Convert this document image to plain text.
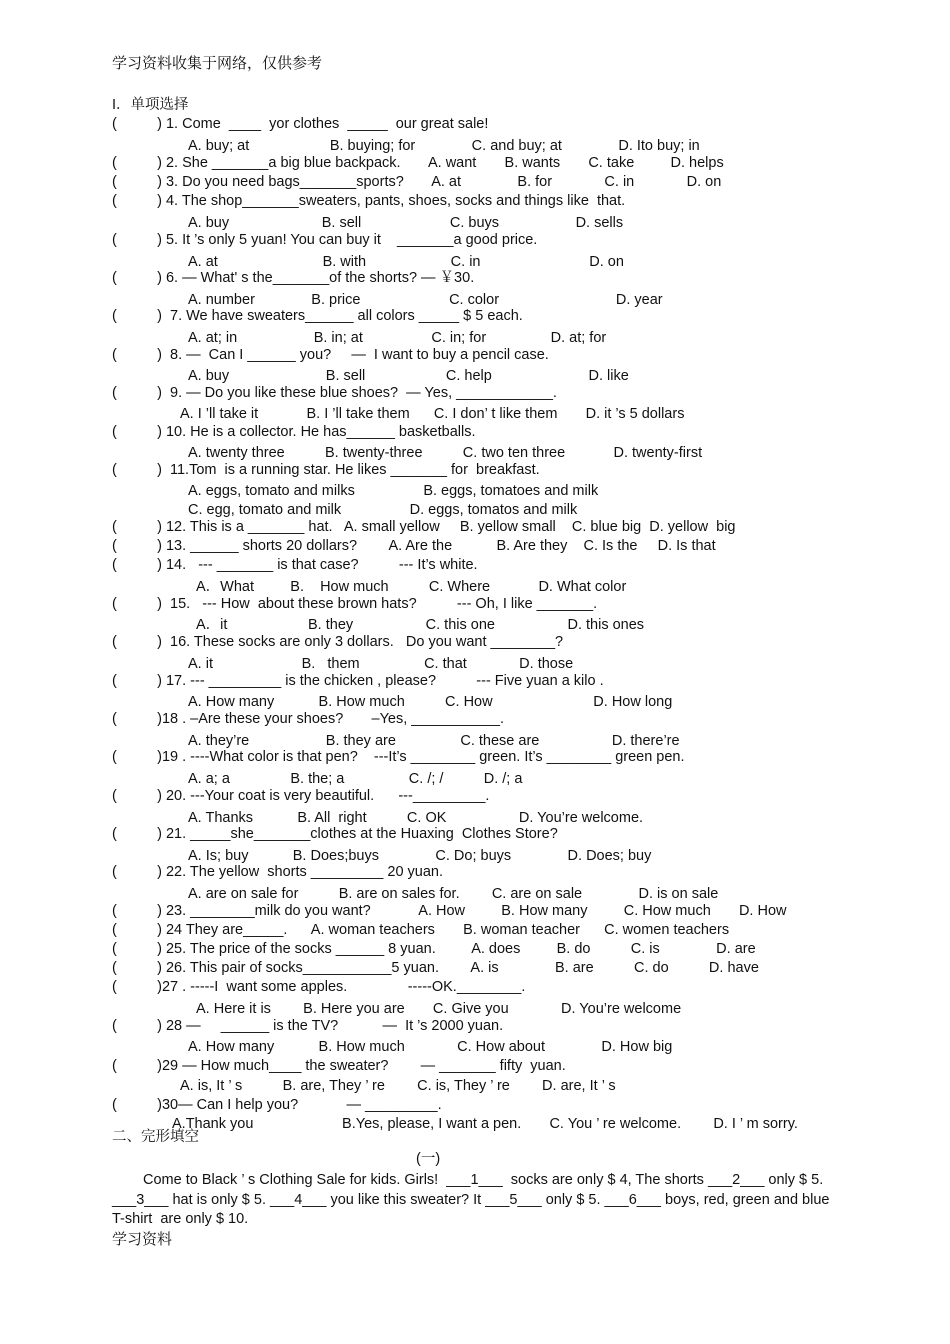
学习资料收集于网络，仅供参考
I．单项选择
(          ) 1. Come  ____  yor clothes  _____  our great sale!
A. buy; at                    B. buying; for              C. and buy; at              D. Ito buy; in
(          ) 2. She _______a big blue backpack.       A. want       B. wants       C. take         D. helps
(          ) 3. Do you need bags_______sports?       A. at              B. for             C. in             D. on
(          ) 4. The shop_______sweaters, pants, shoes, socks and things like  that.
A. buy                       B. sell                      C. buys                   D. sells
(          ) 5. It ’s only 5 yuan! You can buy it    _______a good price.
A. at                          B. with                     C. in                           D. on
(          ) 6. — What' s the_______of the shorts? — ￥30.
A. number              B. price                      C. color                             D. year
(          )  7. We have sweaters______ all colors _____ $ 5 each.
A. at; in                   B. in; at                 C. in; for                D. at; for
(          )  8. —  Can I ______ you?     —  I want to buy a pencil case.
A. buy                        B. sell                    C. help                        D. like
(          )  9. — Do you like these blue shoes?  — Yes, ____________.
A. I ’ll take it            B. I ’ll take them      C. I don’ t like them       D. it ’s 5 dollars
(          ) 10. He is a collector. He has______ basketballs.
A. twenty three          B. twenty-three          C. two ten three            D. twenty-first
(          )  11.Tom  is a running star. He likes _______ for  breakfast.
A. eggs, tomato and milks                 B. eggs, tomatoes and milk
C. egg, tomato and milk                 D. eggs, tomatos and milk
(          ) 12. This is a _______ hat.   A. small yellow     B. yellow small    C. blue big  D. yellow  big
(          ) 13. ______ shorts 20 dollars?        A. Are the           B. Are they    C. Is the     D. Is that
(          ) 14.   --- _______ is that case?          --- It’s white.
A．What         B.    How much          C. Where            D. What color
(          )  15.   --- How  about these brown hats?          --- Oh, I like _______.
A．it                    B. they                  C. this one                  D. this ones
(          )  16. These socks are only 3 dollars.   Do you want ________?
A. it                      B.   them                C. that             D. those
(          ) 17. --- _________ is the chicken , please?          --- Five yuan a kilo .
A. How many           B. How much          C. How                         D. How long
(          )18 . –Are these your shoes?       –Yes, ___________.
A. they’re                   B. they are                C. these are                  D. there’re
(          )19 . ----What color is that pen?    ---It’s ________ green. It’s ________ green pen.
A. a; a               B. the; a                C. /; /          D. /; a
(          ) 20. ---Your coat is very beautiful.      ---_________.
A. Thanks           B. All  right          C. OK                  D. You’re welcome.
(          ) 21. _____she_______clothes at the Huaxing  Clothes Store?
A. Is; buy           B. Does;buys              C. Do; buys              D. Does; buy
(          ) 22. The yellow  shorts _________ 20 yuan.
A. are on sale for          B. are on sales for.        C. are on sale              D. is on sale
(          ) 23. ________milk do you want?            A. How         B. How many         C. How much       D. How
(          ) 24 They are_____.      A. woman teachers       B. woman teacher      C. women teachers
(          ) 25. The price of the socks ______ 8 yuan.         A. does         B. do          C. is              D. are
(          ) 26. This pair of socks___________5 yuan.        A. is              B. are          C. do          D. have
(          )27 . -----I  want some apples.               -----OK.________.
A. Here it is        B. Here you are       C. Give you             D. You’re welcome
(          ) 28 —     ______ is the TV?           —  It ’s 2000 yuan.
A. How many           B. How much             C. How about              D. How big
(          )29 — How much____ the sweater?        — _______ fifty  yuan.
A. is, It ’ s          B. are, They ’ re        C. is, They ’ re        D. are, It ’ s
(          )30— Can I help you?            — _________.
A.Thank you                      B.Yes, please, I want a pen.       C. You ’ re welcome.        D. I ’ m sorry.
二、完形填空
(一)
Come to Black ’ s Clothing Sale for kids. Girls!  ___1___  socks are only $ 4, The shorts ___2___ only $ 5.
___3___ hat is only $ 5. ___4___ you like this sweater? It ___5___ only $ 5. ___6___ boys, red, green and blue
T-shirt  are only $ 10.
学习资料
